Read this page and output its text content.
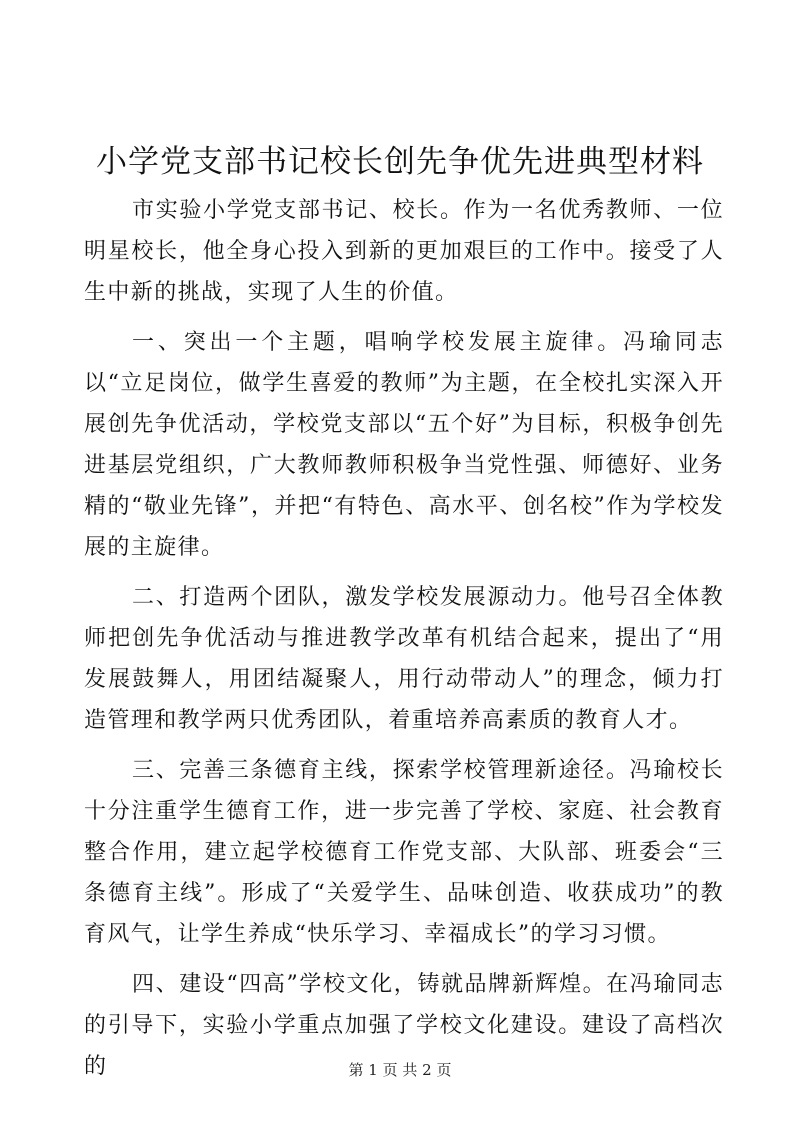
小学党支部书记校长创先争优先进典型材料

市实验小学党支部书记、校长。作为一名优秀教师、一位明星校长，他全身心投入到新的更加艰巨的工作中。接受了人生中新的挑战，实现了人生的价值。

一、突出一个主题，唱响学校发展主旋律。冯瑜同志以“立足岗位，做学生喜爱的教师”为主题，在全校扎实深入开展创先争优活动，学校党支部以“五个好”为目标，积极争创先进基层党组织，广大教师教师积极争当党性强、师德好、业务精的“敬业先锋”，并把“有特色、高水平、创名校”作为学校发展的主旋律。

二、打造两个团队，激发学校发展源动力。他号召全体教师把创先争优活动与推进教学改革有机结合起来，提出了“用发展鼓舞人，用团结凝聚人，用行动带动人”的理念，倾力打造管理和教学两只优秀团队，着重培养高素质的教育人才。

三、完善三条德育主线，探索学校管理新途径。冯瑜校长十分注重学生德育工作，进一步完善了学校、家庭、社会教育整合作用，建立起学校德育工作党支部、大队部、班委会“三条德育主线”。形成了“关爱学生、品味创造、收获成功”的教育风气，让学生养成“快乐学习、幸福成长”的学习习惯。

四、建设“四高”学校文化，铸就品牌新辉煌。在冯瑜同志的引导下，实验小学重点加强了学校文化建设。建设了高档次的	第 1 页 共 2 页
